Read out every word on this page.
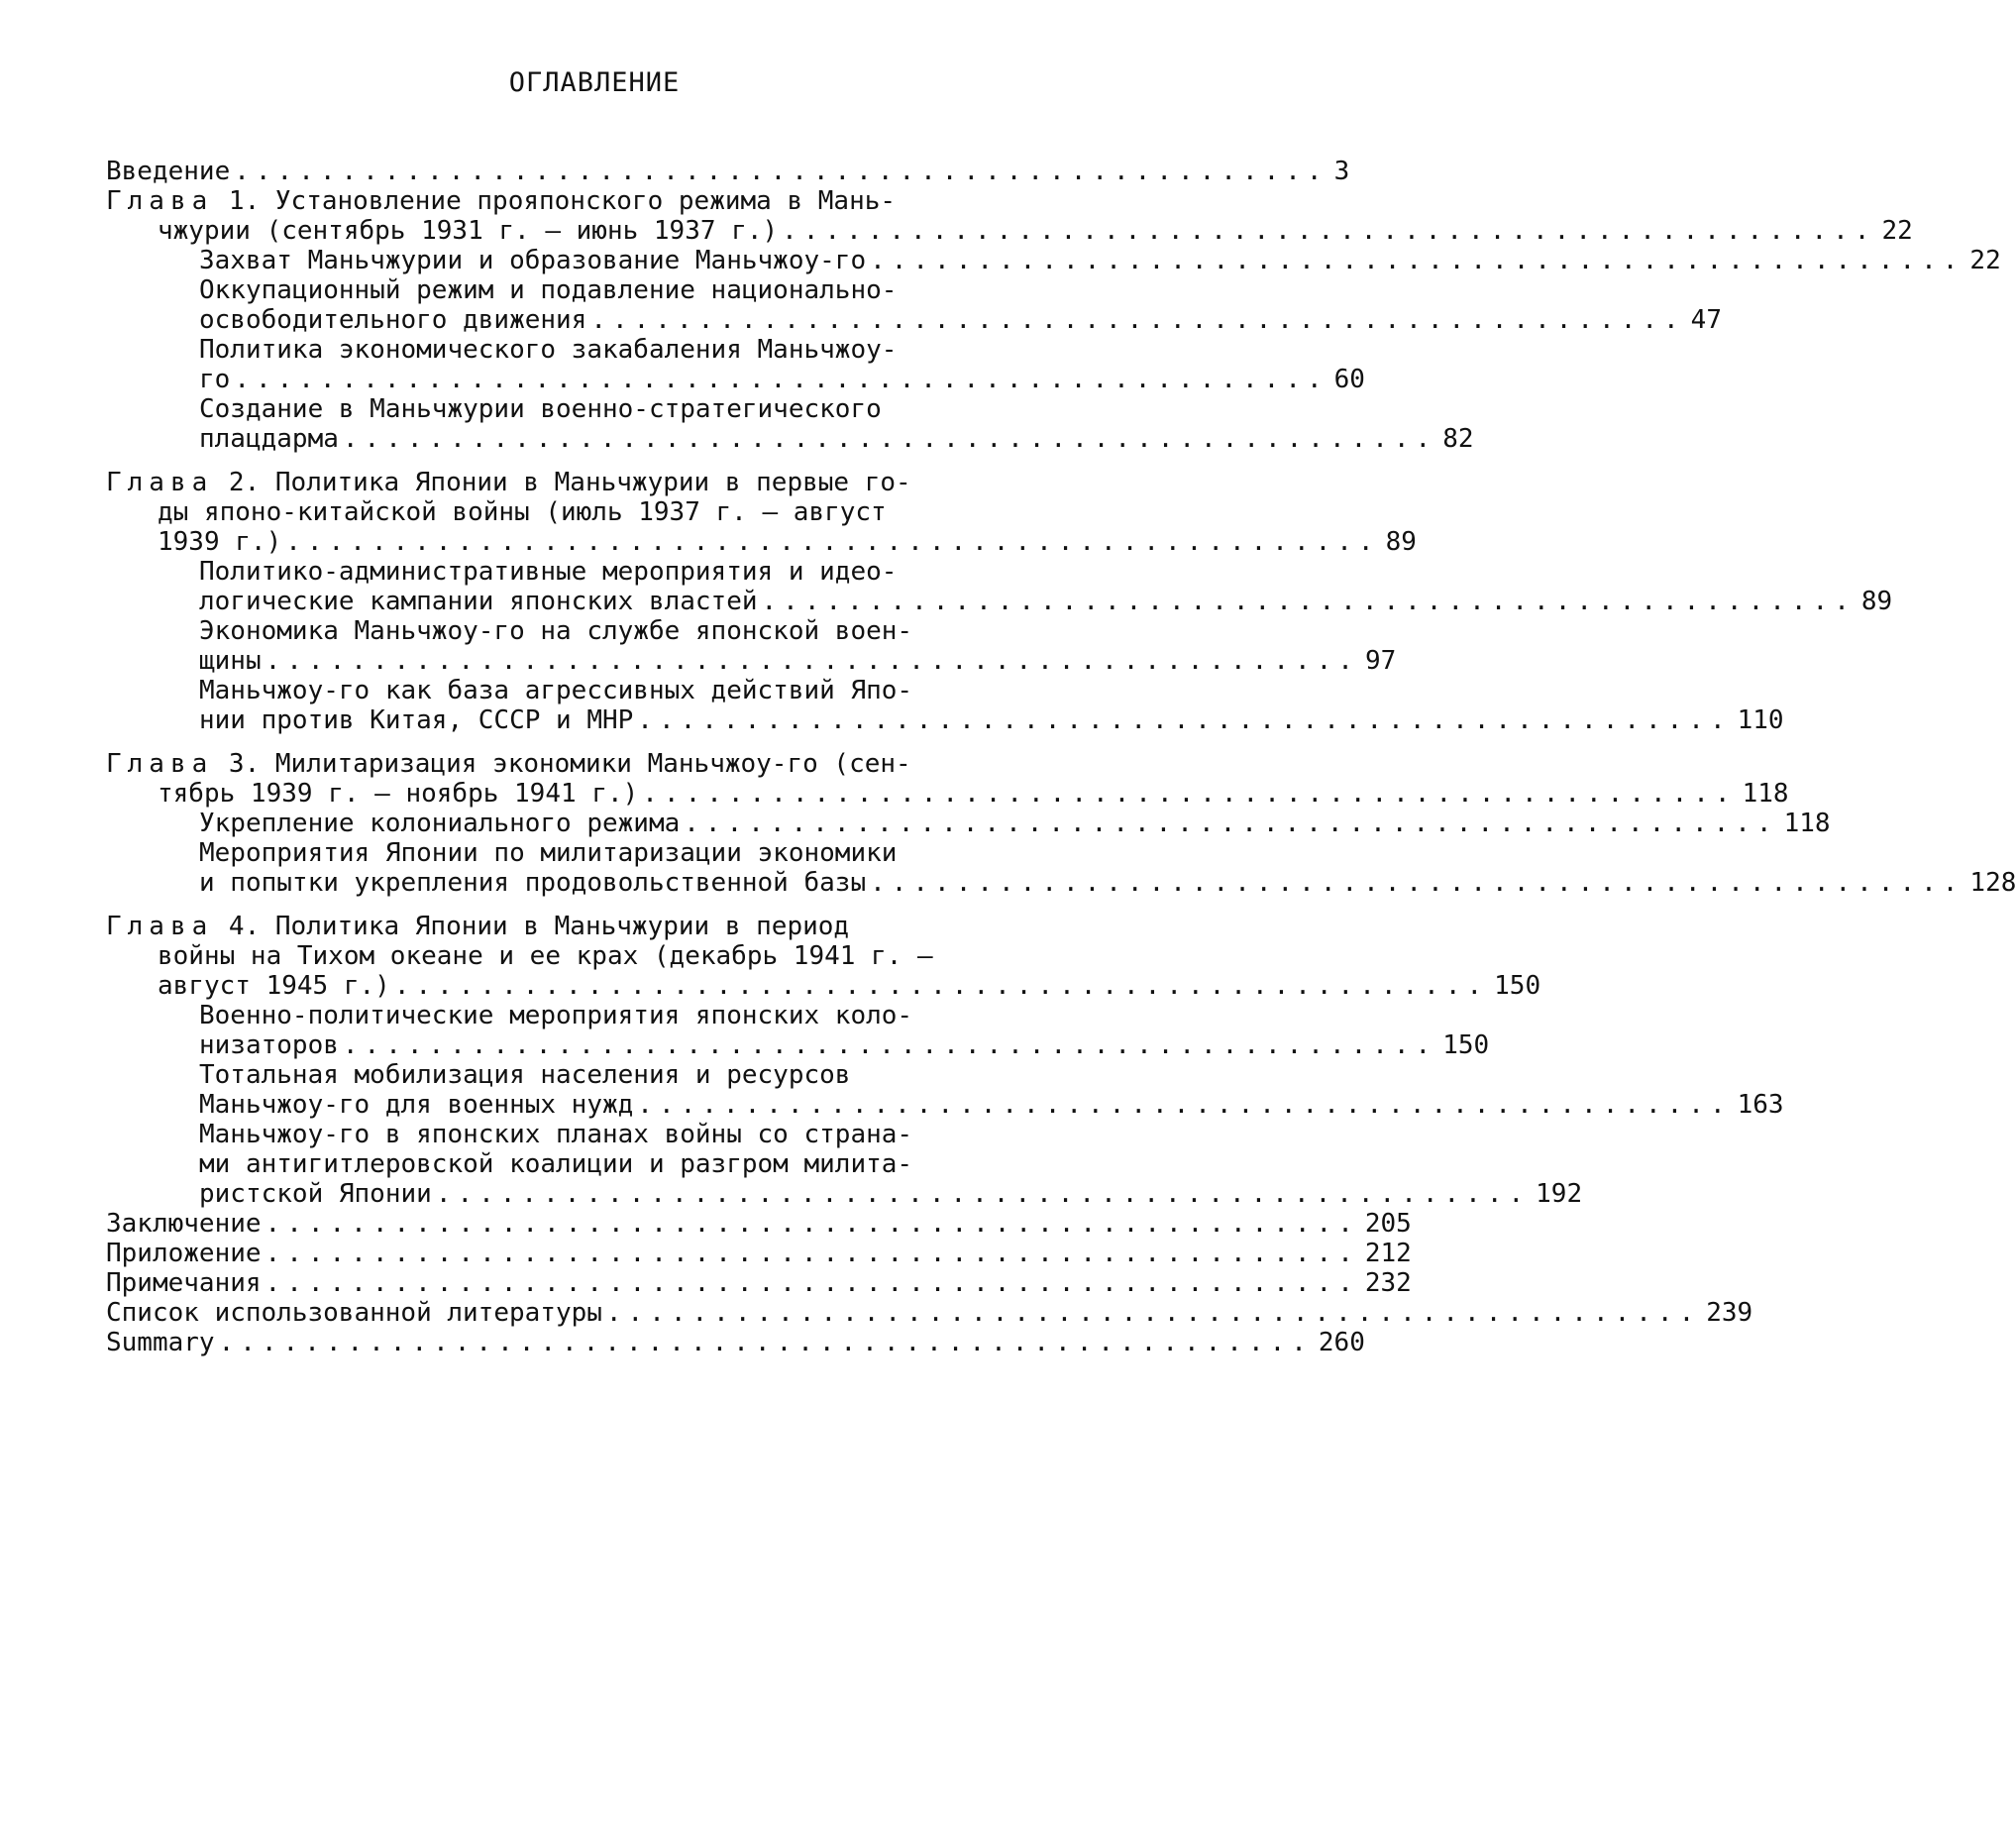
ОГЛАВЛЕНИЕ
Введение ................................................... 3
Глава 1. Установление прояпонского режима в Мань-
чжурии (сентябрь 1931 г. — июнь 1937 г.) ................................................... 22
Захват Маньчжурии и образование Маньчжоу-го ................................................... 22
Оккупационный режим и подавление национально-
освободительного движения ................................................... 47
Политика экономического закабаления Маньчжоу-
го ................................................... 60
Создание в Маньчжурии военно-стратегического
плацдарма ................................................... 82
Глава 2. Политика Японии в Маньчжурии в первые го-
ды японо-китайской войны (июль 1937 г. — август
1939 г.) ................................................... 89
Политико-административные мероприятия и идео-
логические кампании японских властей ................................................... 89
Экономика Маньчжоу-го на службе японской воен-
щины ................................................... 97
Маньчжоу-го как база агрессивных действий Япо-
нии против Китая, СССР и МНР ................................................... 110
Глава 3. Милитаризация экономики Маньчжоу-го (сен-
тябрь 1939 г. — ноябрь 1941 г.) ................................................... 118
Укрепление колониального режима ................................................... 118
Мероприятия Японии по милитаризации экономики
и попытки укрепления продовольственной базы ................................................... 128
Глава 4. Политика Японии в Маньчжурии в период
войны на Тихом океане и ее крах (декабрь 1941 г. —
август 1945 г.) ................................................... 150
Военно-политические мероприятия японских коло-
низаторов ................................................... 150
Тотальная мобилизация населения и ресурсов
Маньчжоу-го для военных нужд ................................................... 163
Маньчжоу-го в японских планах войны со страна-
ми антигитлеровской коалиции и разгром милита-
ристской Японии ................................................... 192
Заключение ................................................... 205
Приложение ................................................... 212
Примечания ................................................... 232
Список использованной литературы ................................................... 239
Summary ................................................... 260
